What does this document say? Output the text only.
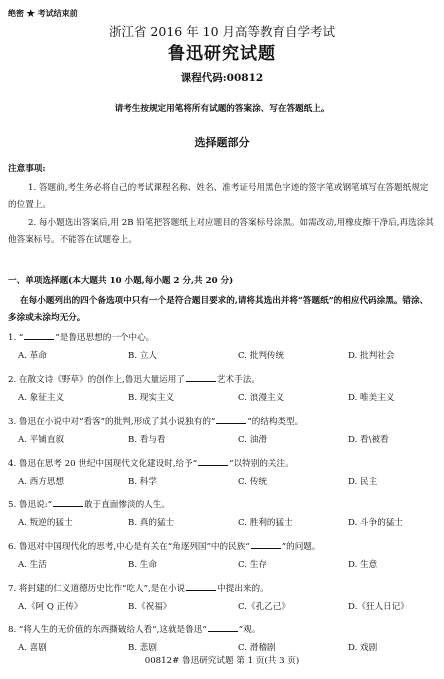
绝密 ★ 考试结束前
浙江省 2016 年 10 月高等教育自学考试
鲁迅研究试题
课程代码:00812
请考生按规定用笔将所有试题的答案涂、写在答题纸上。
选择题部分
注意事项:
1. 答题前,考生务必将自己的考试课程名称、姓名、准考证号用黑色字迹的签字笔或钢笔填写在答题纸规定的位置上。
2. 每小题选出答案后,用 2B 铅笔把答题纸上对应题目的答案标号涂黑。如需改动,用橡皮擦干净后,再选涂其他答案标号。不能答在试题卷上。
一、单项选择题(本大题共 10 小题,每小题 2 分,共 20 分)
在每小题列出的四个备选项中只有一个是符合题目要求的,请将其选出并将“答题纸”的相应代码涂黑。错涂、多涂或未涂均无分。
1. “	”是鲁迅思想的一个中心。
A. 革命	B. 立人	C. 批判传统	D. 批判社会
2. 在散文诗《野草》的创作上,鲁迅大量运用了	艺术手法。
A. 象征主义	B. 现实主义	C. 浪漫主义	D. 唯美主义
3. 鲁迅在小说中对“看客”的批判,形成了其小说独有的“	”的结构类型。
A. 平铺直叙	B. 看与看	C. 油滑	D. 看\被看
4. 鲁迅在思考 20 世纪中国现代文化建设时,给予“	”以特别的关注。
A. 西方思想	B. 科学	C. 传统	D. 民主
5. 鲁迅说:“	敢于直面惨淡的人生。
A. 叛逆的猛士	B. 真的猛士	C. 胜利的猛士	D. 斗争的猛士
6. 鲁迅对中国现代化的思考,中心是有关在“角逐列国”中的民族“	”的问题。
A. 生活	B. 生命	C. 生存	D. 生意
7. 将封建的仁义道德历史比作“吃人”,是在小说	中提出来的。
A.《阿 Q 正传》	B.《祝福》	C.《孔乙己》	D.《狂人日记》
8. “将人生的无价值的东西撕破给人看”,这就是鲁迅“	”观。
A. 喜剧	B. 悲剧	C. 滑稽剧	D. 戏剧
00812# 鲁迅研究试题 第 1 页(共 3 页)
